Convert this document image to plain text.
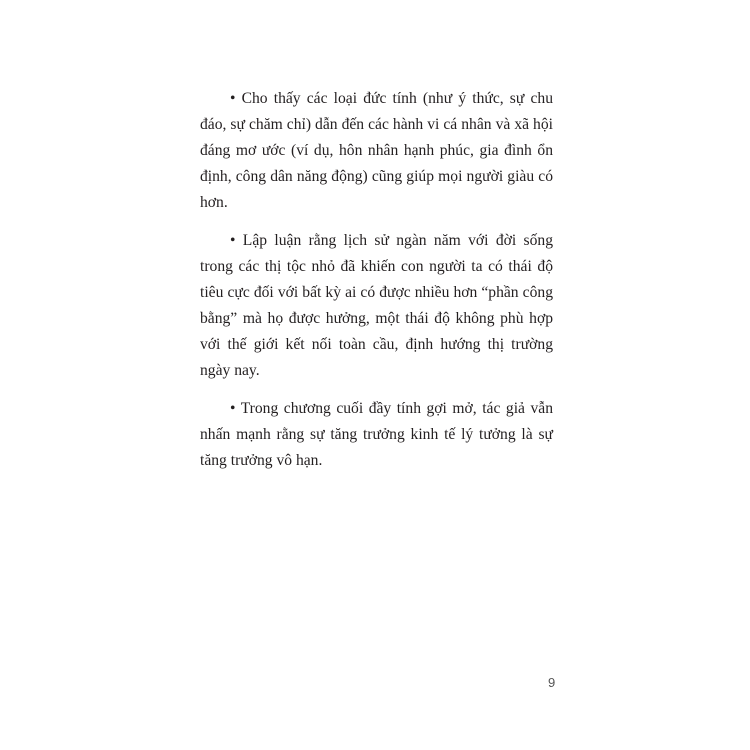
• Cho thấy các loại đức tính (như ý thức, sự chu đáo, sự chăm chỉ) dẫn đến các hành vi cá nhân và xã hội đáng mơ ước (ví dụ, hôn nhân hạnh phúc, gia đình ổn định, công dân năng động) cũng giúp mọi người giàu có hơn.

• Lập luận rằng lịch sử ngàn năm với đời sống trong các thị tộc nhỏ đã khiến con người ta có thái độ tiêu cực đối với bất kỳ ai có được nhiều hơn “phần công bằng” mà họ được hưởng, một thái độ không phù hợp với thế giới kết nối toàn cầu, định hướng thị trường ngày nay.

• Trong chương cuối đầy tính gợi mở, tác giả vẫn nhấn mạnh rằng sự tăng trưởng kinh tế lý tưởng là sự tăng trưởng vô hạn.

9
